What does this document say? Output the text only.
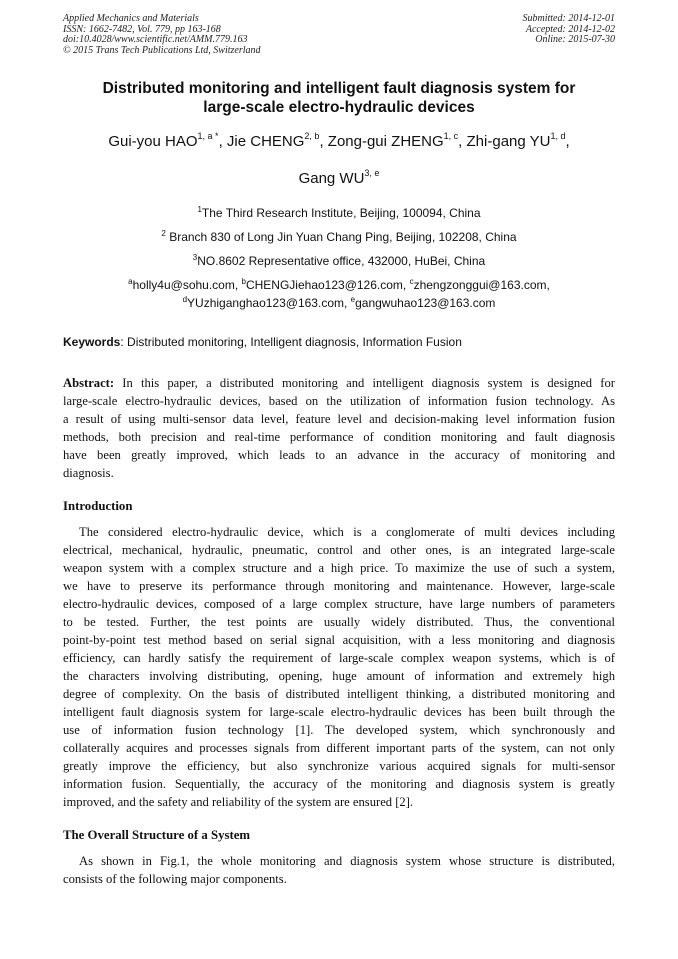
Applied Mechanics and Materials
ISSN: 1662-7482, Vol. 779, pp 163-168
doi:10.4028/www.scientific.net/AMM.779.163
© 2015 Trans Tech Publications Ltd, Switzerland
Submitted: 2014-12-01
Accepted: 2014-12-02
Online: 2015-07-30
Distributed monitoring and intelligent fault diagnosis system for
large-scale electro-hydraulic devices
Gui-you $HAO^{1, a *}$, Jie CHENG$^{2, b}$, Zong-gui ZHENG$^{1, c}$, Zhi-gang YU$^{1, d}$,
Gang WU$^{3, e}$
$^1$The Third Research Institute, Beijing, 100094, China
$^2$ Branch 830 of Long Jin Yuan Chang Ping, Beijing, 102208, China
$^3$NO.8602 Representative office, 432000, HuBei, China
$^a$holly4u@sohu.com, $^b$CHENGJiehao123@126.com, $^c$zhengzonggui@163.com,
$^d$YUzhiganghao123@163.com, $^e$gangwuhao123@163.com
Keywords: Distributed monitoring, Intelligent diagnosis, Information Fusion
Abstract: In this paper, a distributed monitoring and intelligent diagnosis system is designed for
large-scale electro-hydraulic devices, based on the utilization of information fusion technology. As
a result of using multi-sensor data level, feature level and decision-making level information fusion
methods, both precision and real-time performance of condition monitoring and fault diagnosis
have been greatly improved, which leads to an advance in the accuracy of monitoring and
diagnosis.
Introduction
The considered electro-hydraulic device, which is a conglomerate of multi devices including
electrical, mechanical, hydraulic, pneumatic, control and other ones, is an integrated large-scale
weapon system with a complex structure and a high price. To maximize the use of such a system,
we have to preserve its performance through monitoring and maintenance. However, large-scale
electro-hydraulic devices, composed of a large complex structure, have large numbers of parameters
to be tested. Further, the test points are usually widely distributed. Thus, the conventional
point-by-point test method based on serial signal acquisition, with a less monitoring and diagnosis
efficiency, can hardly satisfy the requirement of large-scale complex weapon systems, which is of
the characters involving distributing, opening, huge amount of information and extremely high
degree of complexity. On the basis of distributed intelligent thinking, a distributed monitoring and
intelligent fault diagnosis system for large-scale electro-hydraulic devices has been built through the
use of information fusion technology [1]. The developed system, which synchronously and
collaterally acquires and processes signals from different important parts of the system, can not only
greatly improve the efficiency, but also synchronize various acquired signals for multi-sensor
information fusion. Sequentially, the accuracy of the monitoring and diagnosis system is greatly
improved, and the safety and reliability of the system are ensured [2].
The Overall Structure of a System
As shown in Fig.1, the whole monitoring and diagnosis system whose structure is distributed,
consists of the following major components.
